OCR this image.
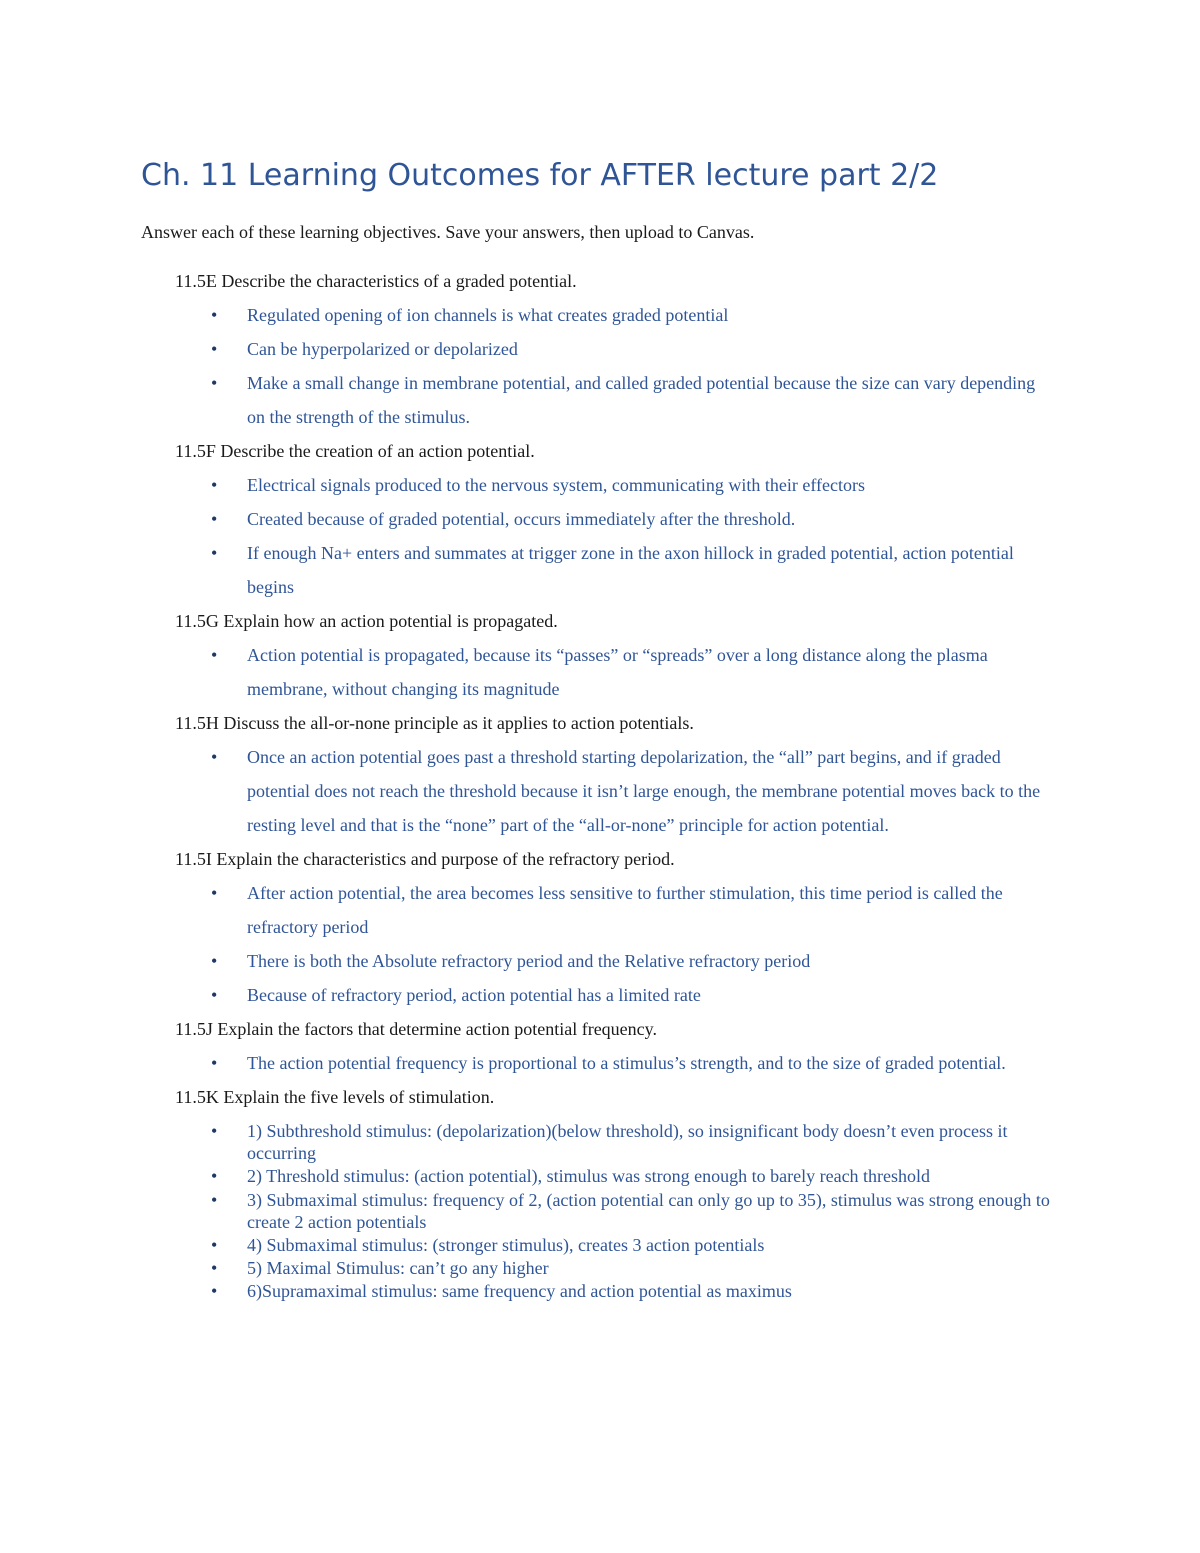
Ch. 11 Learning Outcomes for AFTER lecture part 2/2

Answer each of these learning objectives. Save your answers, then upload to Canvas.

11.5E Describe the characteristics of a graded potential.

• Regulated opening of ion channels is what creates graded potential
• Can be hyperpolarized or depolarized
• Make a small change in membrane potential, and called graded potential because the size can vary depending on the strength of the stimulus.

11.5F Describe the creation of an action potential.

• Electrical signals produced to the nervous system, communicating with their effectors
• Created because of graded potential, occurs immediately after the threshold.
• If enough Na+ enters and summates at trigger zone in the axon hillock in graded potential, action potential begins

11.5G Explain how an action potential is propagated.

• Action potential is propagated, because its “passes” or “spreads” over a long distance along the plasma membrane, without changing its magnitude

11.5H Discuss the all-or-none principle as it applies to action potentials.

• Once an action potential goes past a threshold starting depolarization, the “all” part begins, and if graded potential does not reach the threshold because it isn’t large enough, the membrane potential moves back to the resting level and that is the “none” part of the “all-or-none” principle for action potential.

11.5I Explain the characteristics and purpose of the refractory period.

• After action potential, the area becomes less sensitive to further stimulation, this time period is called the refractory period
• There is both the Absolute refractory period and the Relative refractory period
• Because of refractory period, action potential has a limited rate

11.5J Explain the factors that determine action potential frequency.

• The action potential frequency is proportional to a stimulus’s strength, and to the size of graded potential.

11.5K Explain the five levels of stimulation.

• 1) Subthreshold stimulus: (depolarization)(below threshold), so insignificant body doesn’t even process it occurring
• 2) Threshold stimulus: (action potential), stimulus was strong enough to barely reach threshold
• 3) Submaximal stimulus: frequency of 2, (action potential can only go up to 35), stimulus was strong enough to create 2 action potentials
• 4) Submaximal stimulus: (stronger stimulus), creates 3 action potentials
• 5) Maximal Stimulus: can’t go any higher
• 6)Supramaximal stimulus: same frequency and action potential as maximus
